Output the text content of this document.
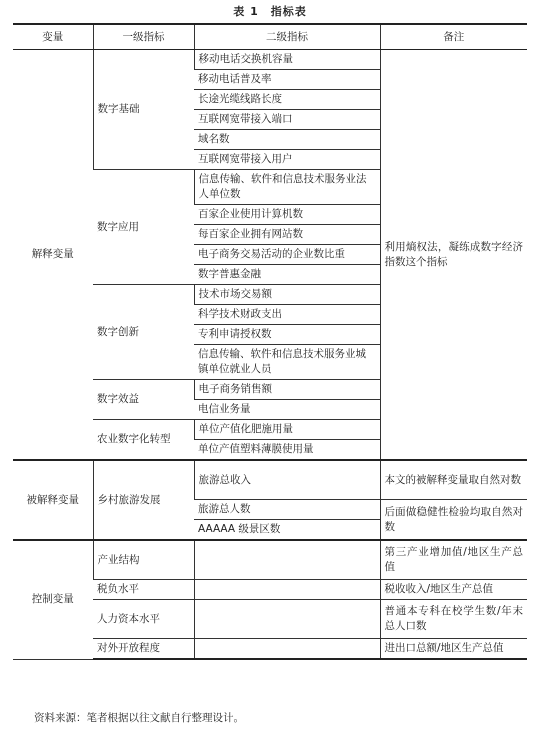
表 1　指标表
变量	一级指标	二级指标	备注
解释变量	数字基础	移动电话交换机容量	利用熵权法，凝练成数字经济指数这个指标
		移动电话普及率	
		长途光缆线路长度	
		互联网宽带接入端口	
		域名数	
		互联网宽带接入用户	
	数字应用	信息传输、软件和信息技术服务业法人单位数	
		百家企业使用计算机数	
		每百家企业拥有网站数	
		电子商务交易活动的企业数比重	
		数字普惠金融	
	数字创新	技术市场交易额	
		科学技术财政支出	
		专利申请授权数	
		信息传输、软件和信息技术服务业城镇单位就业人员	
	数字效益	电子商务销售额	
		电信业务量	
	农业数字化转型	单位产值化肥施用量	
		单位产值塑料薄膜使用量	
被解释变量	乡村旅游发展	旅游总收入	本文的被解释变量取自然对数
		旅游总人数	后面做稳健性检验均取自然对数
		AAAAA 级景区数	
控制变量	产业结构		第三产业增加值/地区生产总值
	税负水平		税收收入/地区生产总值
	人力资本水平		普通本专科在校学生数/年末总人口数
	对外开放程度		进出口总额/地区生产总值
资料来源：笔者根据以往文献自行整理设计。
